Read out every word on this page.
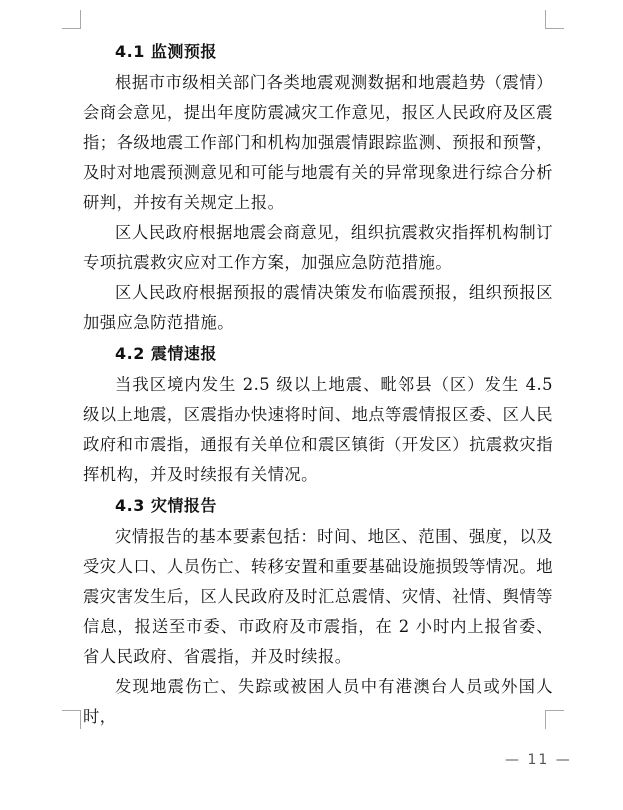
4.1 监测预报

根据市市级相关部门各类地震观测数据和地震趋势（震情）会商会意见，提出年度防震减灾工作意见，报区人民政府及区震指；各级地震工作部门和机构加强震情跟踪监测、预报和预警，及时对地震预测意见和可能与地震有关的异常现象进行综合分析研判，并按有关规定上报。

区人民政府根据地震会商意见，组织抗震救灾指挥机构制订专项抗震救灾应对工作方案，加强应急防范措施。

区人民政府根据预报的震情决策发布临震预报，组织预报区加强应急防范措施。

4.2 震情速报

当我区境内发生 2.5 级以上地震、毗邻县（区）发生 4.5 级以上地震，区震指办快速将时间、地点等震情报区委、区人民政府和市震指，通报有关单位和震区镇街（开发区）抗震救灾指挥机构，并及时续报有关情况。

4.3 灾情报告

灾情报告的基本要素包括：时间、地区、范围、强度，以及受灾人口、人员伤亡、转移安置和重要基础设施损毁等情况。地震灾害发生后，区人民政府及时汇总震情、灾情、社情、舆情等信息，报送至市委、市政府及市震指，在 2 小时内上报省委、省人民政府、省震指，并及时续报。

发现地震伤亡、失踪或被困人员中有港澳台人员或外国人时，

— 11 —
